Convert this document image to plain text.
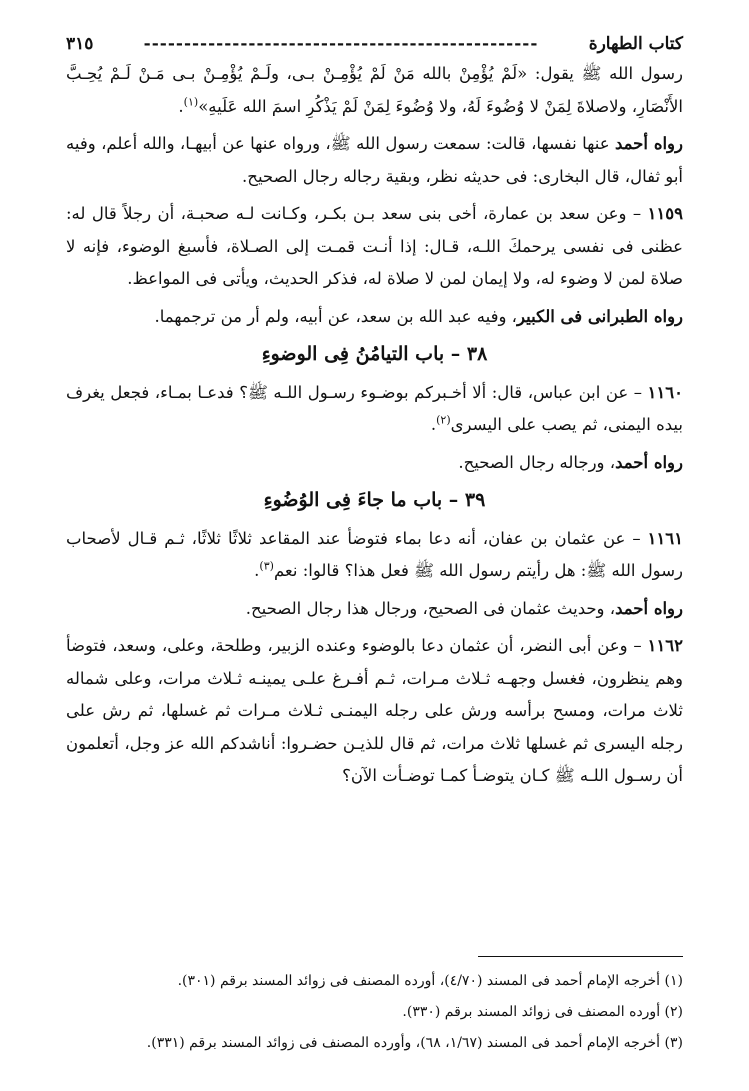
كتاب الطهارة
-------------------------------------------------
٣١٥

رسول الله ﷺ يقول: «لَمْ يُؤْمِنْ بالله مَنْ لَمْ يُؤْمِـنْ بـى، ولَـمْ يُؤْمِـنْ بـى مَـنْ لَـمْ يُحِـبَّ الأَنْصَارِ، ولاصلاةَ لِمَنْ لا وُضُوءَ لَهُ، ولا وُضُوءَ لِمَنْ لَمْ يَذْكُرِ اسمَ الله عَلَيهِ»$^{(١)}$.

رواه أحمد عنها نفسها، قالت: سمعت رسول الله ﷺ، ورواه عنها عن أبيهـا، والله أعلم، وفيه أبو ثفال، قال البخارى: فى حديثه نظر، وبقية رجاله رجال الصحيح.

١١٥٩ – وعن سعد بن عمارة، أخى بنى سعد بـن بكـر، وكـانت لـه صحبـة، أن رجلاً قال له: عظنى فى نفسى يرحمكَ اللـه، قـال: إذا أنـت قمـت إلى الصـلاة، فأسبغ الوضوء، فإنه لا صلاة لمن لا وضوء له، ولا إيمان لمن لا صلاة له، فذكر الحديث، ويأتى فى المواعظ.

رواه الطبرانى فى الكبير، وفيه عبد الله بن سعد، عن أبيه، ولم أر من ترجمهما.

٣٨ – باب التيامُنُ فِى الوضوءِ

١١٦٠ – عن ابن عباس، قال: ألا أخـبركم بوضـوء رسـول اللـه ﷺ؟ فدعـا بمـاء، فجعل يغرف بيده اليمنى، ثم يصب على اليسرى$^{(٢)}$.

رواه أحمد، ورجاله رجال الصحيح.

٣٩ – باب ما جاءَ فِى الوُضُوءِ

١١٦١ – عن عثمان بن عفان، أنه دعا بماء فتوضأ عند المقاعد ثلاثًا ثلاثًا، ثـم قـال لأصحاب رسول الله ﷺ: هل رأيتم رسول الله ﷺ فعل هذا؟ قالوا: نعم$^{(٣)}$.

رواه أحمد، وحديث عثمان فى الصحيح، ورجال هذا رجال الصحيح.

١١٦٢ – وعن أبى النضر، أن عثمان دعا بالوضوء وعنده الزبير، وطلحة، وعلى، وسعد، فتوضأ وهم ينظرون، فغسل وجهـه ثـلاث مـرات، ثـم أفـرغ علـى يمينـه ثـلاث مرات، وعلى شماله ثلاث مرات، ومسح برأسه ورش على رجله اليمنـى ثـلاث مـرات ثم غسلها، ثم رش على رجله اليسرى ثم غسلها ثلاث مرات، ثم قال للذيـن حضـروا: أناشدكم الله عز وجل، أتعلمون أن رسـول اللـه ﷺ كـان يتوضـأ كمـا توضـأت الآن؟

(١) أخرجه الإمام أحمد فى المسند (٤/٧٠)، أورده المصنف فى زوائد المسند برقم (٣٠١).

(٢) أورده المصنف فى زوائد المسند برقم (٣٣٠).

(٣) أخرجه الإمام أحمد فى المسند (١/٦٧، ٦٨)، وأورده المصنف فى زوائد المسند برقم (٣٣١).
